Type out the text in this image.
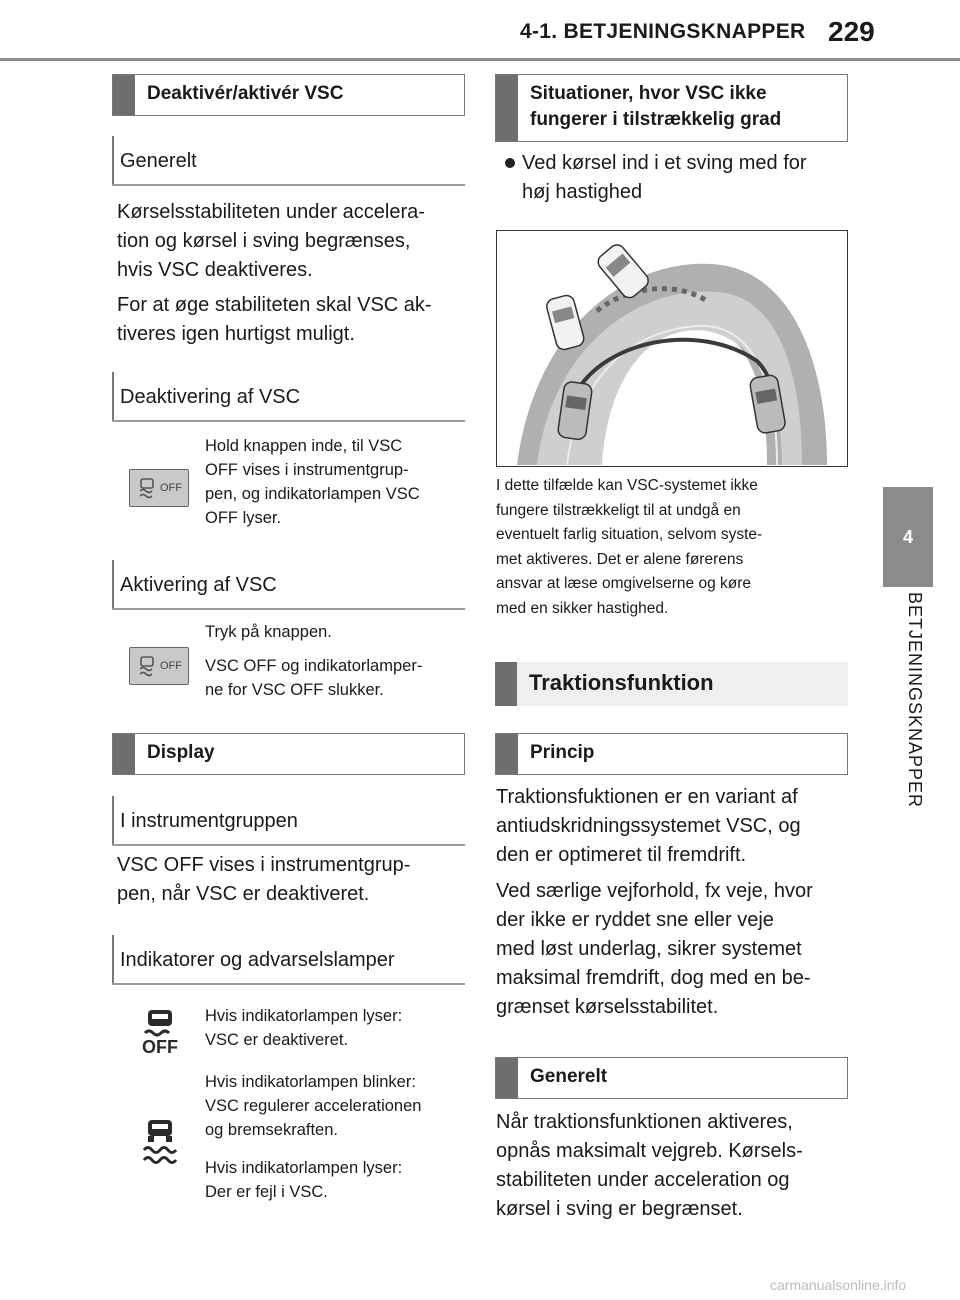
4-1. BETJENINGSKNAPPER 229
4
BETJENINGSKNAPPER
Deaktivér/aktivér VSC
Generelt
Kørselsstabiliteten under accelera-
tion og kørsel i sving begrænses,
hvis VSC deaktiveres.
For at øge stabiliteten skal VSC ak-
tiveres igen hurtigst muligt.
Deaktivering af VSC
OFF
Hold knappen inde, til VSC
OFF vises i instrumentgrup-
pen, og indikatorlampen VSC
OFF lyser.
Aktivering af VSC
OFF
Tryk på knappen.
VSC OFF og indikatorlamper-
ne for VSC OFF slukker.
Display
I instrumentgruppen
VSC OFF vises i instrumentgrup-
pen, når VSC er deaktiveret.
Indikatorer og advarselslamper
OFF
Hvis indikatorlampen lyser:
VSC er deaktiveret.
Hvis indikatorlampen blinker:
VSC regulerer accelerationen
og bremsekraften.
Hvis indikatorlampen lyser:
Der er fejl i VSC.
Situationer, hvor VSC ikke
fungerer i tilstrækkelig grad
Ved kørsel ind i et sving med for
høj hastighed
I dette tilfælde kan VSC-systemet ikke
fungere tilstrækkeligt til at undgå en
eventuelt farlig situation, selvom syste-
met aktiveres. Det er alene førerens
ansvar at læse omgivelserne og køre
med en sikker hastighed.
Traktionsfunktion
Princip
Traktionsfuktionen er en variant af
antiudskridningssystemet VSC, og
den er optimeret til fremdrift.
Ved særlige vejforhold, fx veje, hvor
der ikke er ryddet sne eller veje
med løst underlag, sikrer systemet
maksimal fremdrift, dog med en be-
grænset kørselsstabilitet.
Generelt
Når traktionsfunktionen aktiveres,
opnås maksimalt vejgreb. Kørsels-
stabiliteten under acceleration og
kørsel i sving er begrænset.
carmanualsonline.info
